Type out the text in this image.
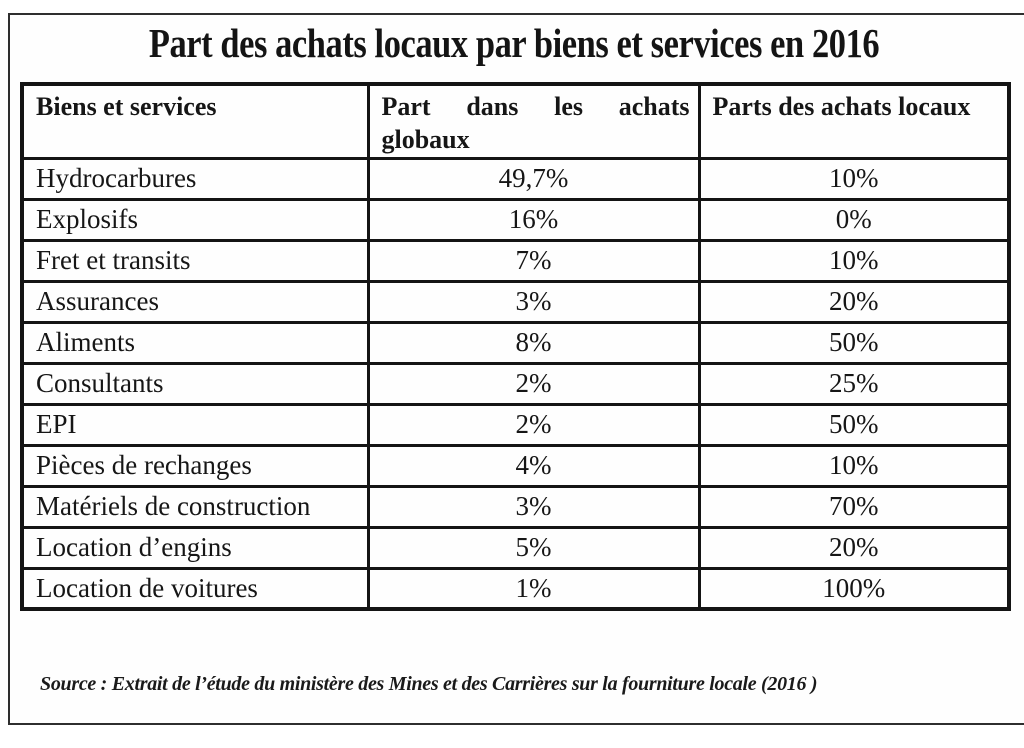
Part des achats locaux par biens et services en 2016
Biens et services	Part dans les achats globaux	Parts des achats locaux
Hydrocarbures	49,7%	10%
Explosifs	16%	0%
Fret et transits	7%	10%
Assurances	3%	20%
Aliments	8%	50%
Consultants	2%	25%
EPI	2%	50%
Pièces de rechanges	4%	10%
Matériels de construction	3%	70%
Location d’engins	5%	20%
Location de voitures	1%	100%
Source : Extrait de l’étude du ministère des Mines et des Carrières sur la fourniture locale (2016 )
